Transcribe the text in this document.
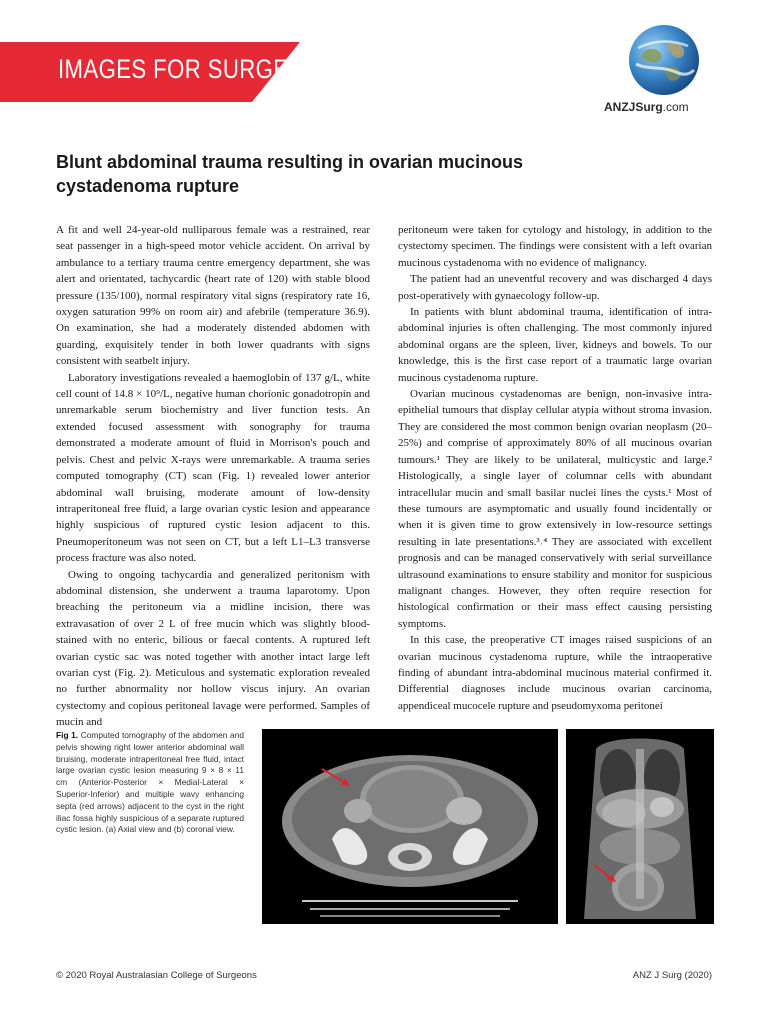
IMAGES FOR SURGEONS
ANZJSurg.com
Blunt abdominal trauma resulting in ovarian mucinous cystadenoma rupture

A fit and well 24-year-old nulliparous female was a restrained, rear seat passenger in a high-speed motor vehicle accident. On arrival by ambulance to a tertiary trauma centre emergency department, she was alert and orientated, tachycardic (heart rate of 120) with stable blood pressure (135/100), normal respiratory vital signs (respiratory rate 16, oxygen saturation 99% on room air) and afebrile (temperature 36.9). On examination, she had a moderately distended abdomen with guarding, exquisitely tender in both lower quadrants with signs consistent with seatbelt injury.

Laboratory investigations revealed a haemoglobin of 137 g/L, white cell count of 14.8 × 10⁹/L, negative human chorionic gonadotropin and unremarkable serum biochemistry and liver function tests. An extended focused assessment with sonography for trauma demonstrated a moderate amount of fluid in Morrison's pouch and pelvis. Chest and pelvic X-rays were unremarkable. A trauma series computed tomography (CT) scan (Fig. 1) revealed lower anterior abdominal wall bruising, moderate amount of low-density intraperitoneal free fluid, a large ovarian cystic lesion and appearance highly suspicious of ruptured cystic lesion adjacent to this. Pneumoperitoneum was not seen on CT, but a left L1–L3 transverse process fracture was also noted.

Owing to ongoing tachycardia and generalized peritonism with abdominal distension, she underwent a trauma laparotomy. Upon breaching the peritoneum via a midline incision, there was extravasation of over 2 L of free mucin which was slightly blood-stained with no enteric, bilious or faecal contents. A ruptured left ovarian cystic sac was noted together with another intact large left ovarian cyst (Fig. 2). Meticulous and systematic exploration revealed no further abnormality nor hollow viscus injury. An ovarian cystectomy and copious peritoneal lavage were performed. Samples of mucin and

peritoneum were taken for cytology and histology, in addition to the cystectomy specimen. The findings were consistent with a left ovarian mucinous cystadenoma with no evidence of malignancy.

The patient had an uneventful recovery and was discharged 4 days post-operatively with gynaecology follow-up.

In patients with blunt abdominal trauma, identification of intra-abdominal injuries is often challenging. The most commonly injured abdominal organs are the spleen, liver, kidneys and bowels. To our knowledge, this is the first case report of a traumatic large ovarian mucinous cystadenoma rupture.

Ovarian mucinous cystadenomas are benign, non-invasive intra-epithelial tumours that display cellular atypia without stroma invasion. They are considered the most common benign ovarian neoplasm (20–25%) and comprise of approximately 80% of all mucinous ovarian tumours.¹ They are likely to be unilateral, multicystic and large.² Histologically, a single layer of columnar cells with abundant intracellular mucin and small basilar nuclei lines the cysts.¹ Most of these tumours are asymptomatic and usually found incidentally or when it is given time to grow extensively in low-resource settings resulting in late presentations.³˒⁴ They are associated with excellent prognosis and can be managed conservatively with serial surveillance ultrasound examinations to ensure stability and monitor for suspicious malignant changes. However, they often require resection for histological confirmation or their mass effect causing persisting symptoms.

In this case, the preoperative CT images raised suspicions of an ovarian mucinous cystadenoma rupture, while the intraoperative finding of abundant intra-abdominal mucinous material confirmed it. Differential diagnoses include mucinous ovarian carcinoma, appendiceal mucocele rupture and pseudomyxoma peritonei

Fig 1. Computed tomography of the abdomen and pelvis showing right lower anterior abdominal wall bruising, moderate intraperitoneal free fluid, intact large ovarian cystic lesion measuring 9 × 8 × 11 cm (Anterior-Posterior × Medial-Lateral × Superior-Inferior) and multiple wavy enhancing septa (red arrows) adjacent to the cyst in the right iliac fossa highly suspicious of a separate ruptured cystic lesion. (a) Axial view and (b) coronal view.
© 2020 Royal Australasian College of Surgeons	ANZ J Surg (2020)
